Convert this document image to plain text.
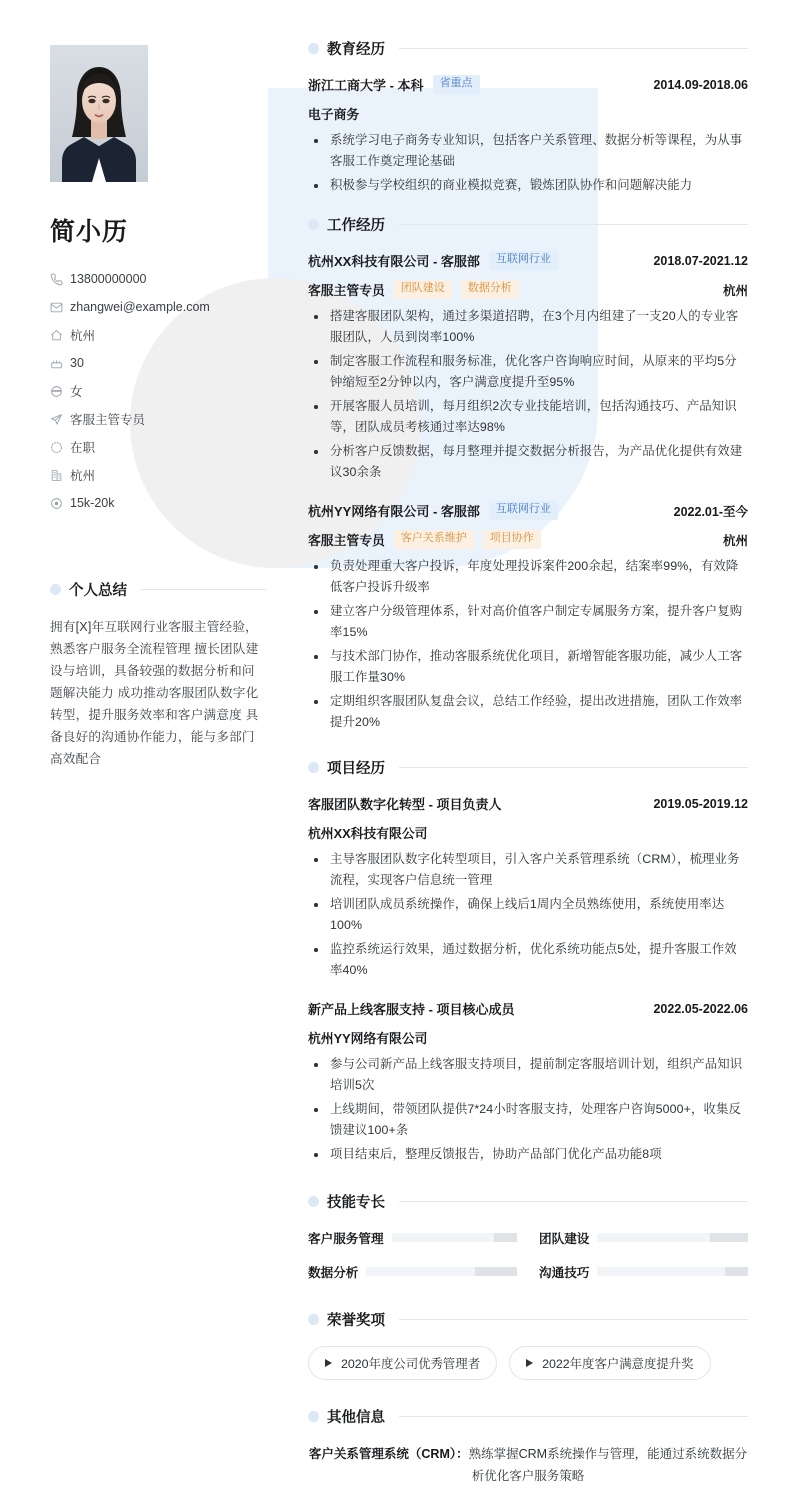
简小历
13800000000
zhangwei@example.com
杭州
30
女
客服主管专员
在职
杭州
15k-20k
个人总结
拥有[X]年互联网行业客服主管经验，熟悉客户服务全流程管理 擅长团队建设与培训，具备较强的数据分析和问题解决能力 成功推动客服团队数字化转型，提升服务效率和客户满意度 具备良好的沟通协作能力，能与多部门高效配合
教育经历
浙江工商大学 - 本科	省重点	2014.09-2018.06
电子商务
系统学习电子商务专业知识，包括客户关系管理、数据分析等课程，为从事客服工作奠定理论基础
积极参与学校组织的商业模拟竞赛，锻炼团队协作和问题解决能力
工作经历
杭州XX科技有限公司 - 客服部	互联网行业	2018.07-2021.12
客服主管专员	团队建设	数据分析	杭州
搭建客服团队架构，通过多渠道招聘，在3个月内组建了一支20人的专业客服团队，人员到岗率100%
制定客服工作流程和服务标准，优化客户咨询响应时间，从原来的平均5分钟缩短至2分钟以内，客户满意度提升至95%
开展客服人员培训，每月组织2次专业技能培训，包括沟通技巧、产品知识等，团队成员考核通过率达98%
分析客户反馈数据，每月整理并提交数据分析报告，为产品优化提供有效建议30余条
杭州YY网络有限公司 - 客服部	互联网行业	2022.01-至今
客服主管专员	客户关系维护	项目协作	杭州
负责处理重大客户投诉，年度处理投诉案件200余起，结案率99%，有效降低客户投诉升级率
建立客户分级管理体系，针对高价值客户制定专属服务方案，提升客户复购率15%
与技术部门协作，推动客服系统优化项目，新增智能客服功能，减少人工客服工作量30%
定期组织客服团队复盘会议，总结工作经验，提出改进措施，团队工作效率提升20%
项目经历
客服团队数字化转型 - 项目负责人	2019.05-2019.12
杭州XX科技有限公司
主导客服团队数字化转型项目，引入客户关系管理系统（CRM），梳理业务流程，实现客户信息统一管理
培训团队成员系统操作，确保上线后1周内全员熟练使用，系统使用率达100%
监控系统运行效果，通过数据分析，优化系统功能点5处，提升客服工作效率40%
新产品上线客服支持 - 项目核心成员	2022.05-2022.06
杭州YY网络有限公司
参与公司新产品上线客服支持项目，提前制定客服培训计划，组织产品知识培训5次
上线期间，带领团队提供7*24小时客服支持，处理客户咨询5000+，收集反馈建议100+条
项目结束后，整理反馈报告，协助产品部门优化产品功能8项
技能专长
客户服务管理	团队建设
数据分析	沟通技巧
荣誉奖项
2020年度公司优秀管理者	2022年度客户满意度提升奖
其他信息
客户关系管理系统（CRM）：熟练掌握CRM系统操作与管理，能通过系统数据分析优化客户服务策略
